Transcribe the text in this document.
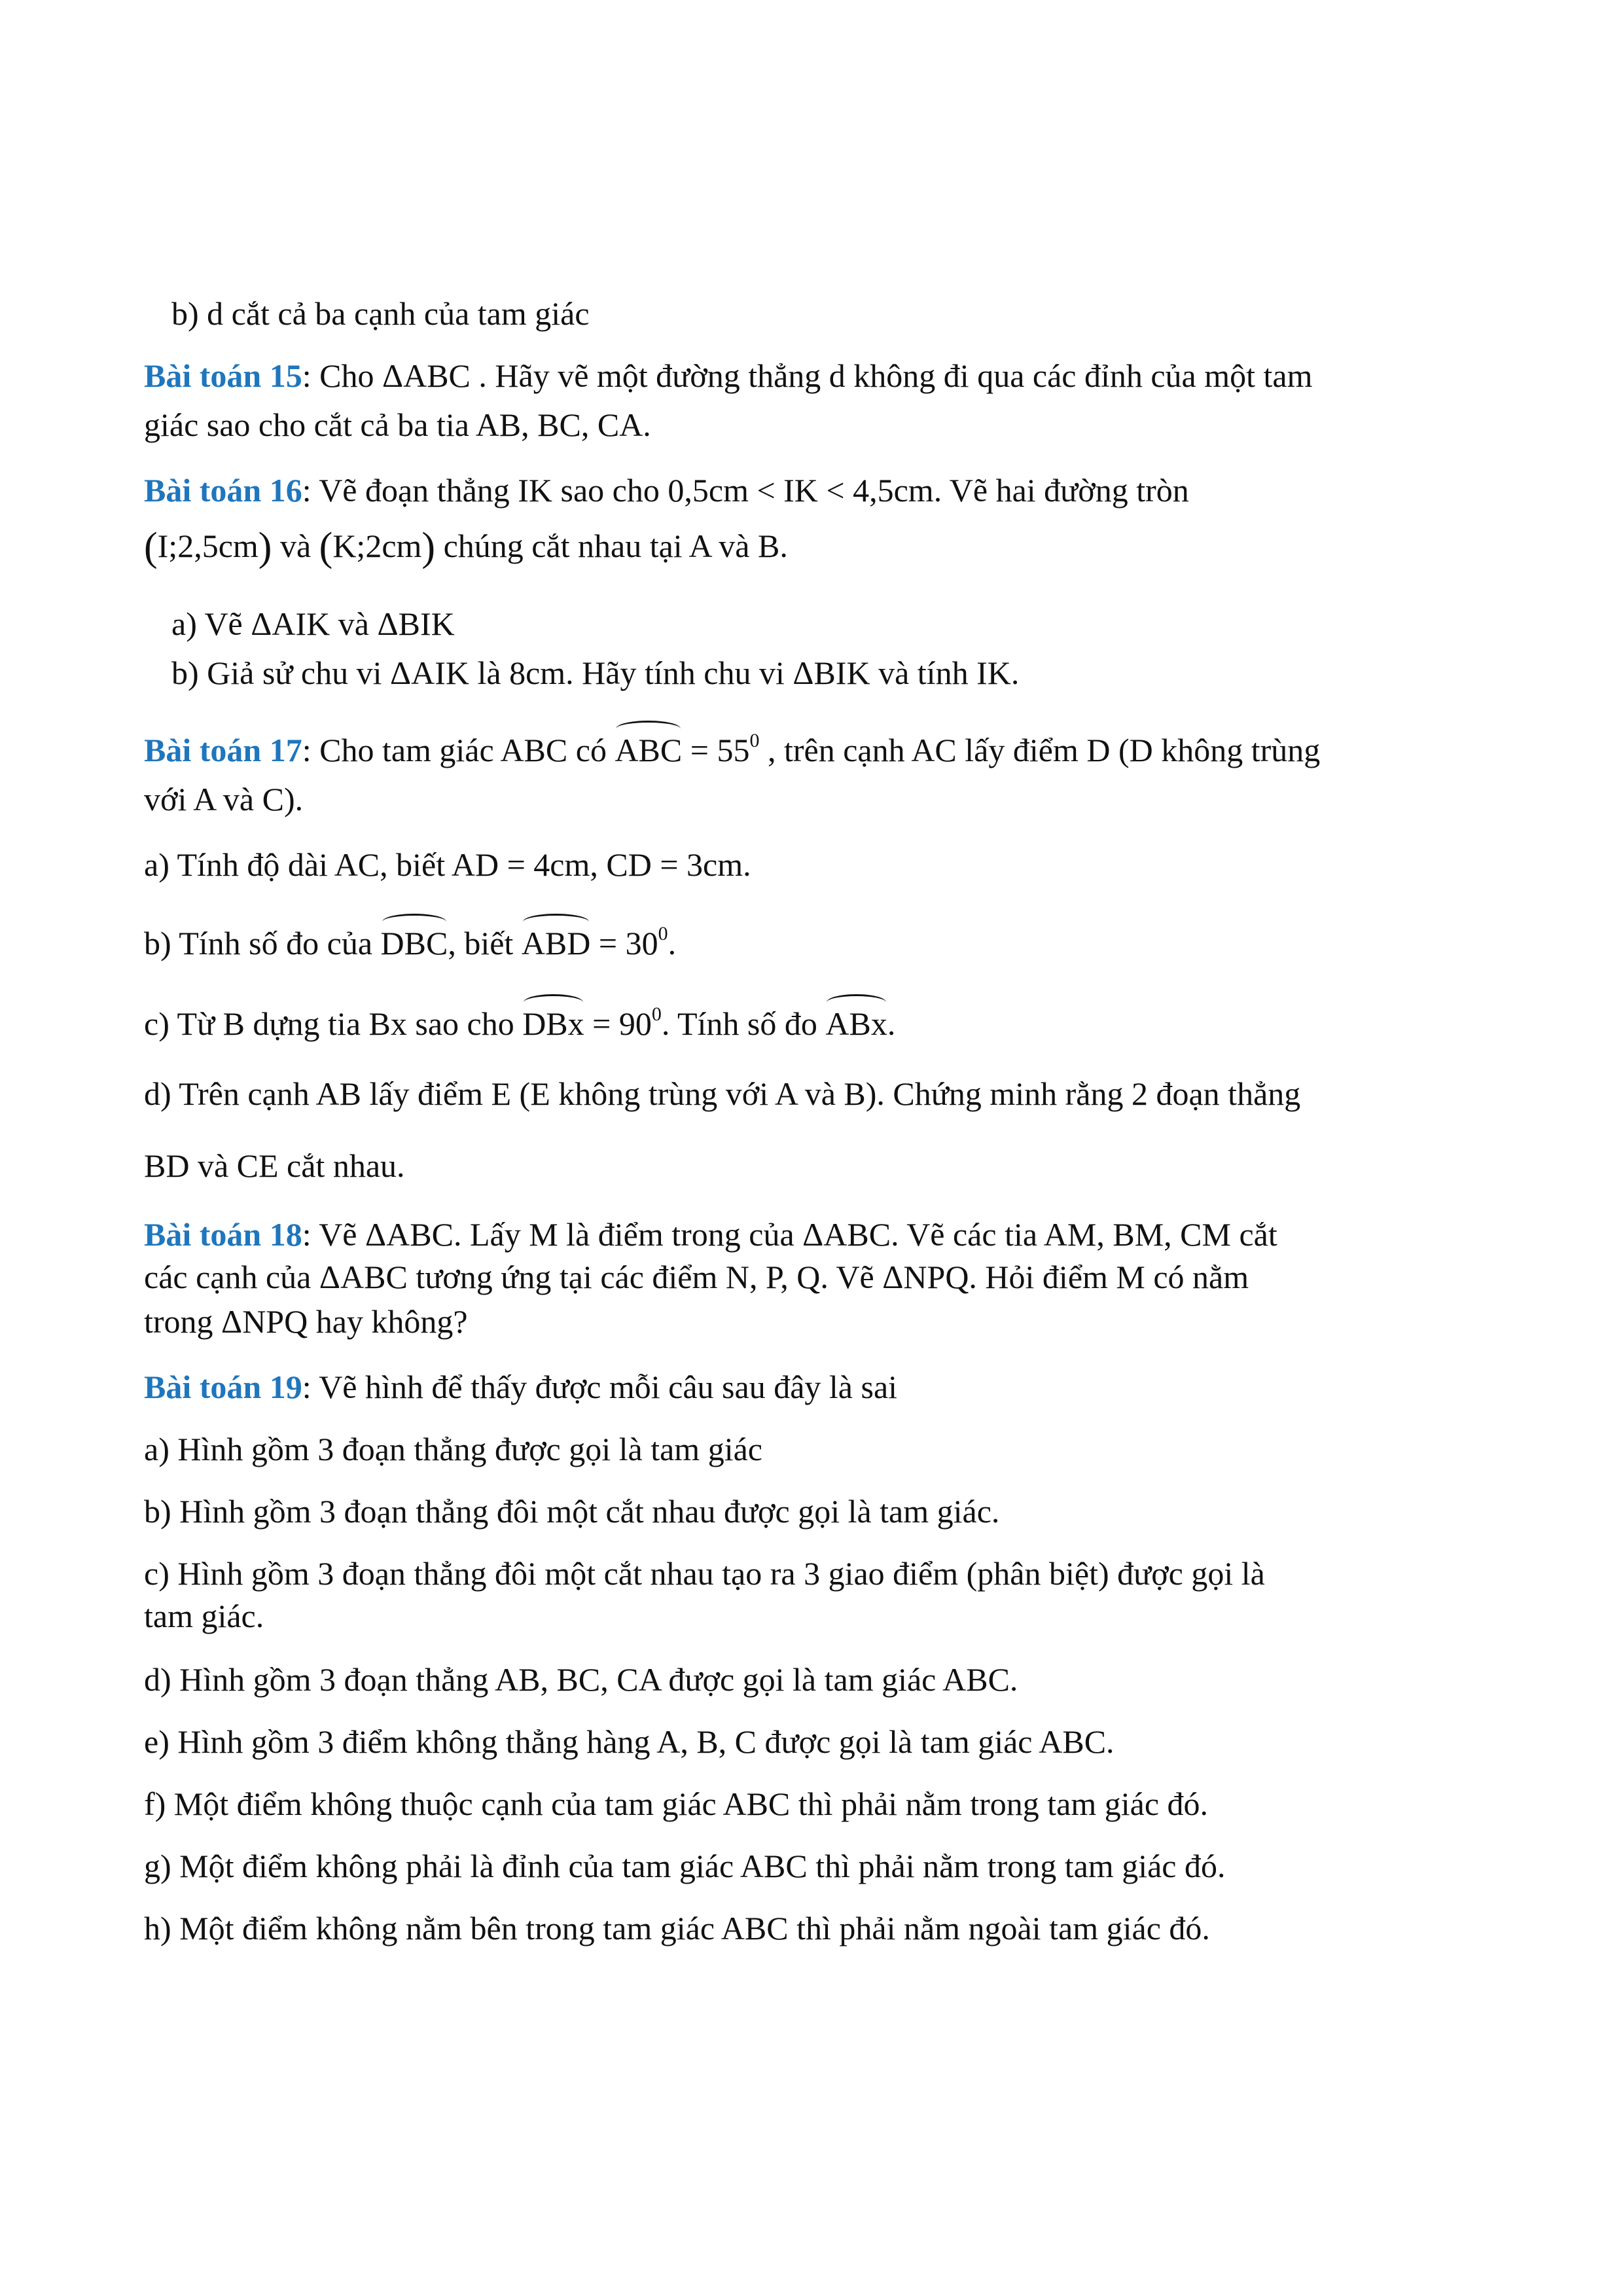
b) d cắt cả ba cạnh của tam giác
Bài toán 15: Cho ΔABC . Hãy vẽ một đường thẳng d không đi qua các đỉnh của một tam
giác sao cho cắt cả ba tia AB, BC, CA.
Bài toán 16: Vẽ đoạn thẳng IK sao cho 0,5cm < IK < 4,5cm. Vẽ hai đường tròn
(I;2,5cm) và (K;2cm) chúng cắt nhau tại A và B.
a) Vẽ ΔAIK và ΔBIK
b) Giả sử chu vi ΔAIK là 8cm. Hãy tính chu vi ΔBIK và tính IK.
Bài toán 17: Cho tam giác ABC có ABC = $55^0$ , trên cạnh AC lấy điểm D (D không trùng
với A và C).
a) Tính độ dài AC, biết AD = 4cm, CD = 3cm.
b) Tính số đo của DBC, biết ABD = $30^0$.
c) Từ B dựng tia Bx sao cho DBx = $90^0$. Tính số đo ABx.
d) Trên cạnh AB lấy điểm E (E không trùng với A và B). Chứng minh rằng 2 đoạn thẳng
BD và CE cắt nhau.
Bài toán 18: Vẽ ΔABC. Lấy M là điểm trong của ΔABC. Vẽ các tia AM, BM, CM cắt
các cạnh của ΔABC tương ứng tại các điểm N, P, Q. Vẽ ΔNPQ. Hỏi điểm M có nằm
trong ΔNPQ hay không?
Bài toán 19: Vẽ hình để thấy được mỗi câu sau đây là sai
a) Hình gồm 3 đoạn thẳng được gọi là tam giác
b) Hình gồm 3 đoạn thẳng đôi một cắt nhau được gọi là tam giác.
c) Hình gồm 3 đoạn thẳng đôi một cắt nhau tạo ra 3 giao điểm (phân biệt) được gọi là
tam giác.
d) Hình gồm 3 đoạn thẳng AB, BC, CA được gọi là tam giác ABC.
e) Hình gồm 3 điểm không thẳng hàng A, B, C được gọi là tam giác ABC.
f) Một điểm không thuộc cạnh của tam giác ABC thì phải nằm trong tam giác đó.
g) Một điểm không phải là đỉnh của tam giác ABC thì phải nằm trong tam giác đó.
h) Một điểm không nằm bên trong tam giác ABC thì phải nằm ngoài tam giác đó.
